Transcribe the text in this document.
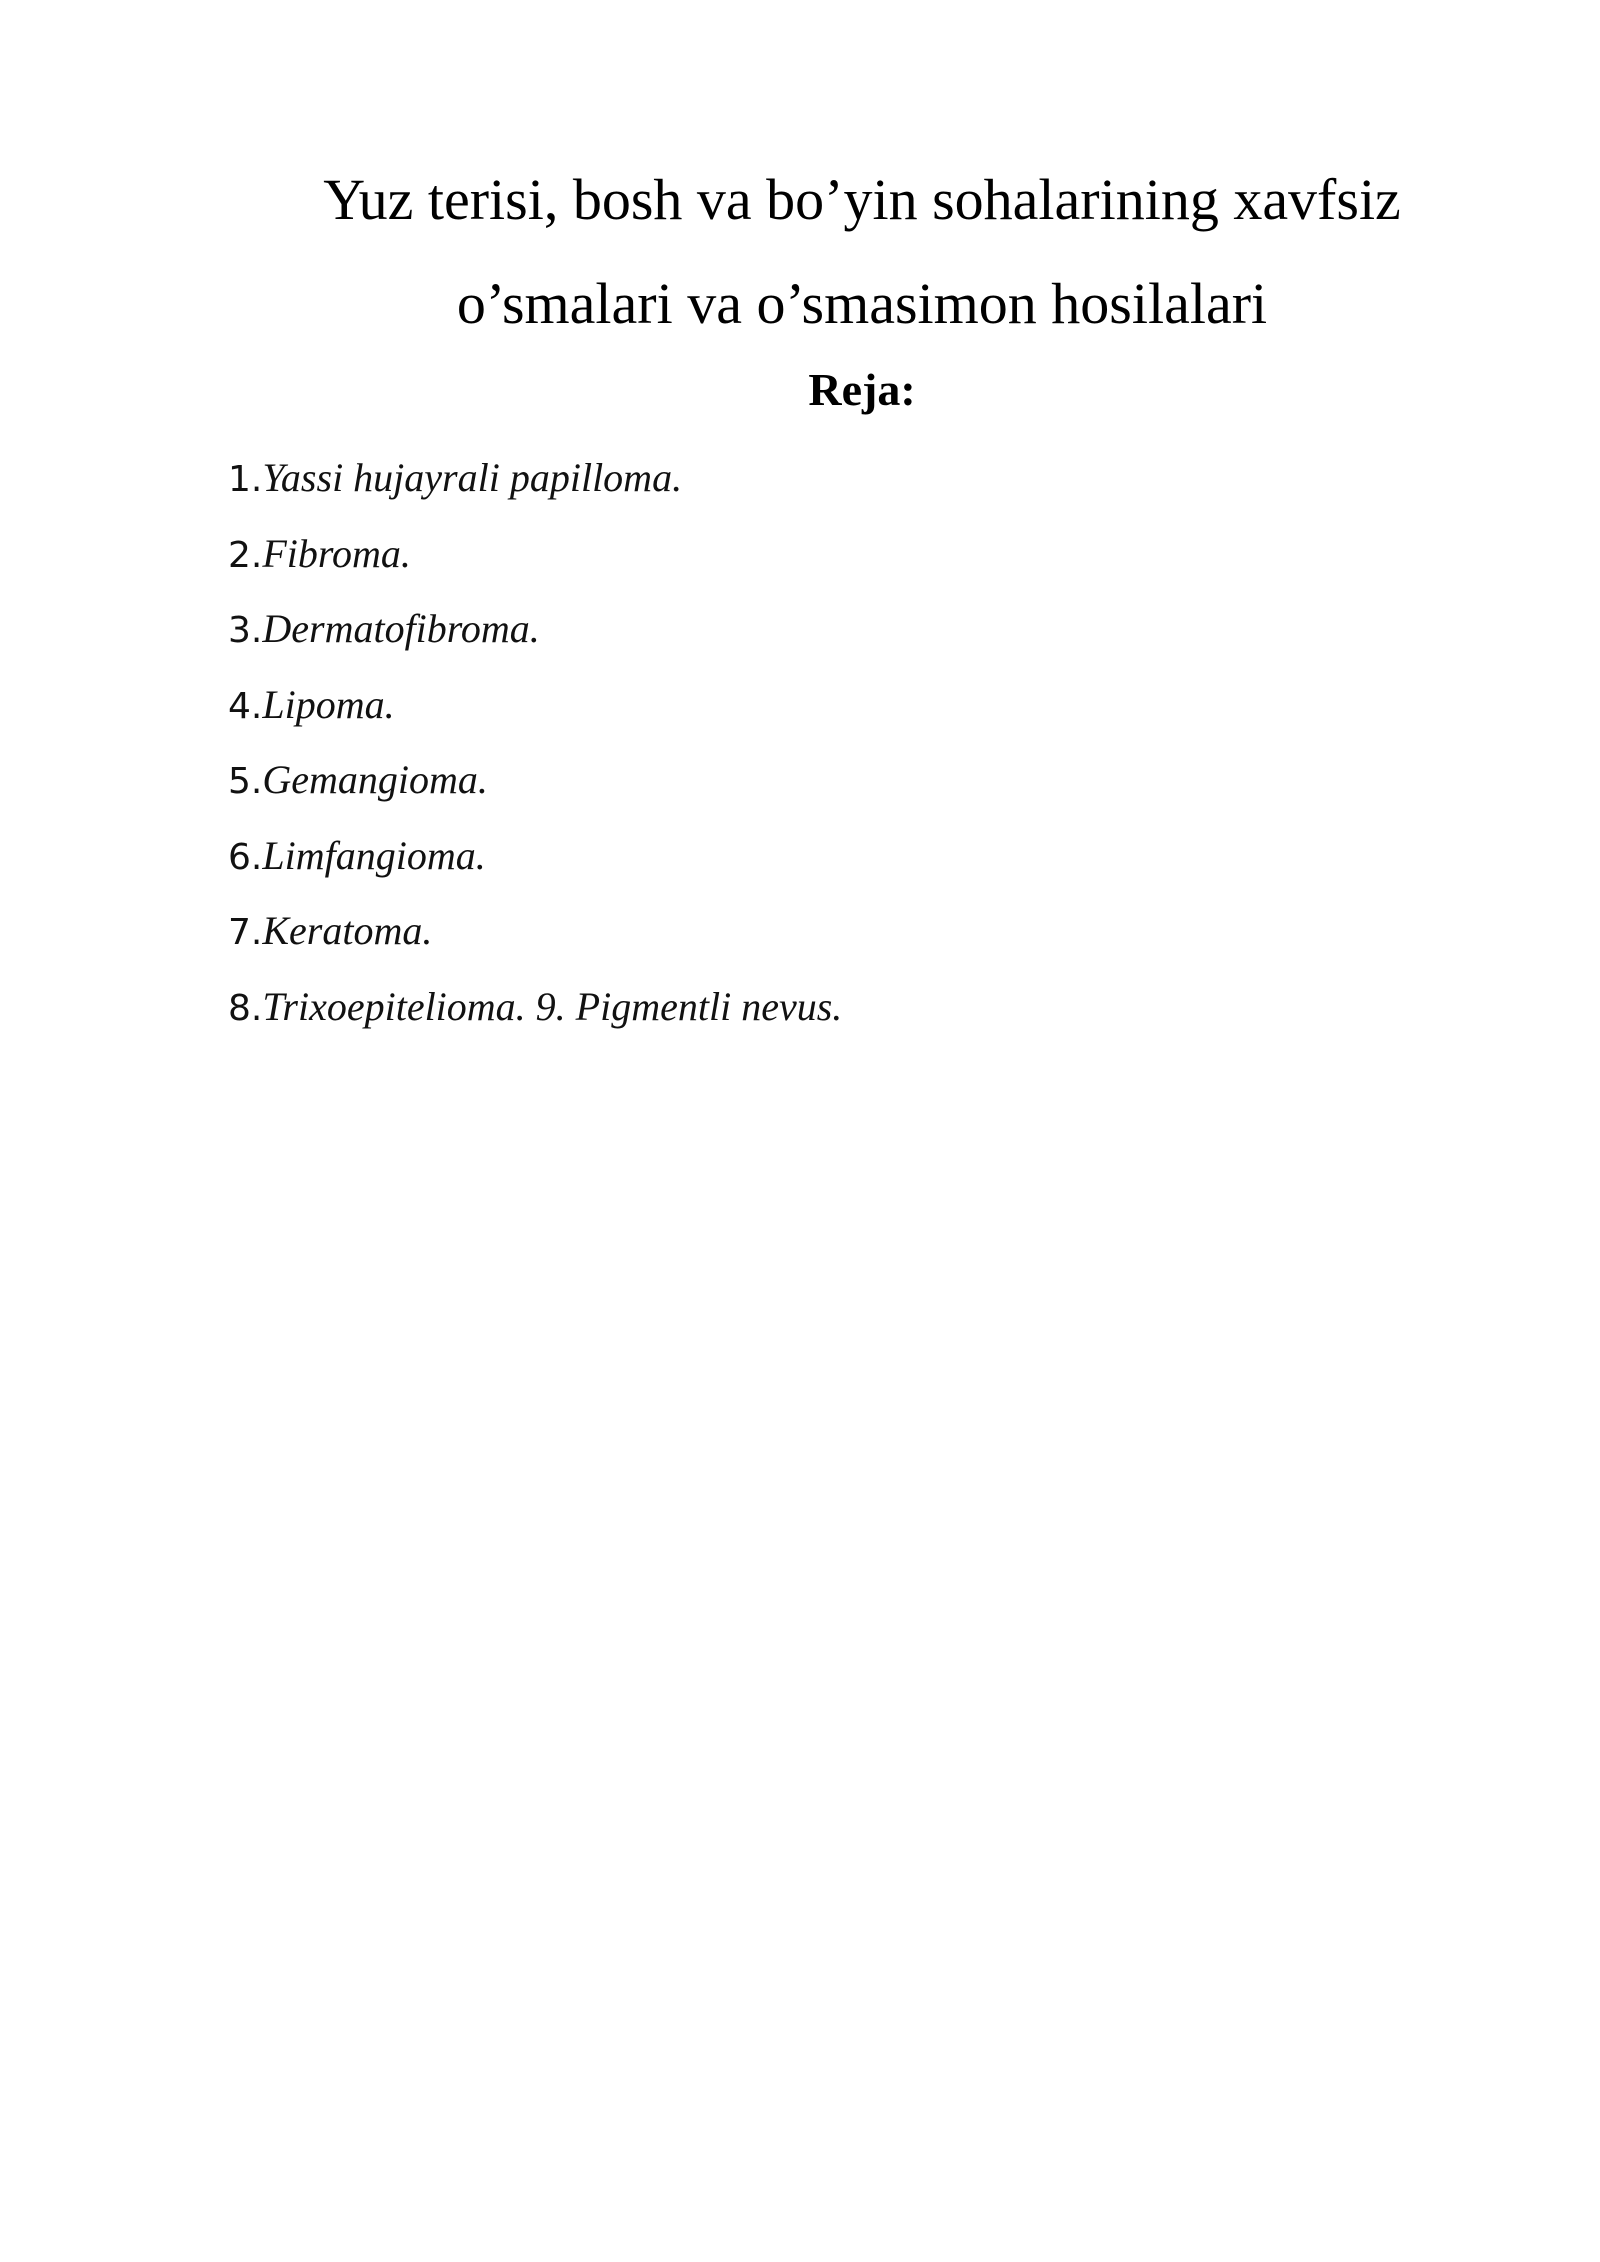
Yuz terisi, bosh va bo’yin sohalarining xavfsiz
o’smalari va o’smasimon hosilalari
Reja:
1.Yassi hujayrali papilloma.
2.Fibroma.
3.Dermatofibroma.
4.Lipoma.
5.Gemangioma.
6.Limfangioma.
7.Keratoma.
8.Trixoepitelioma. 9. Pigmentli nevus.
